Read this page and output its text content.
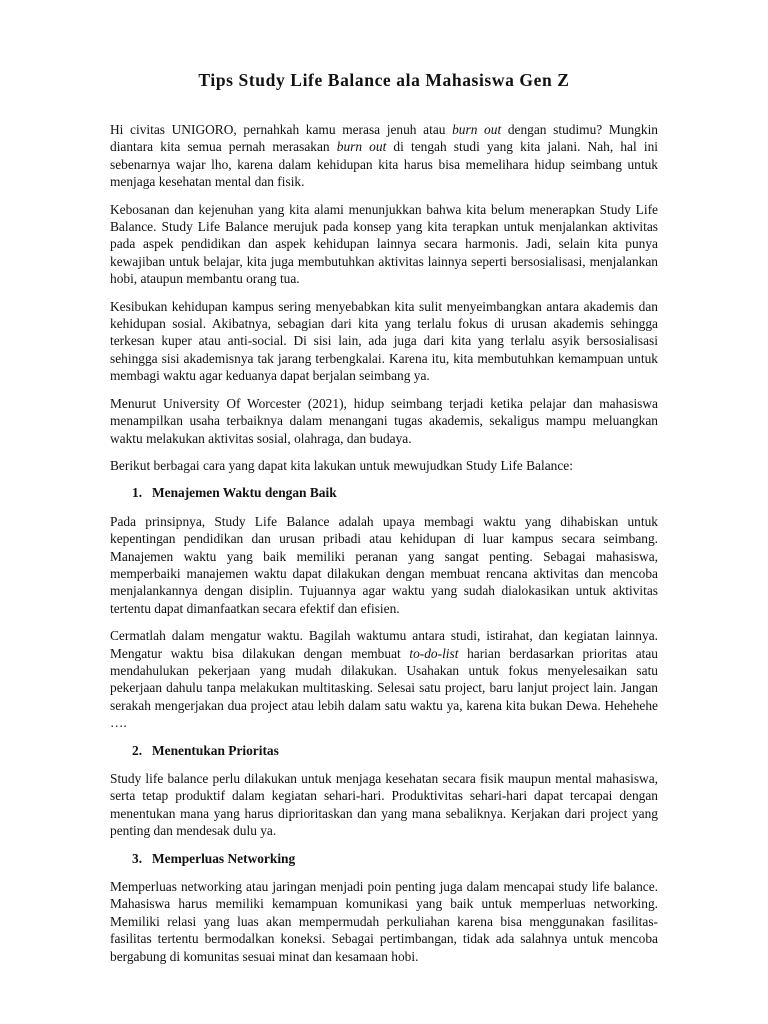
Tips Study Life Balance ala Mahasiswa Gen Z

Hi civitas UNIGORO, pernahkah kamu merasa jenuh atau burn out dengan studimu? Mungkin diantara kita semua pernah merasakan burn out di tengah studi yang kita jalani. Nah, hal ini sebenarnya wajar lho, karena dalam kehidupan kita harus bisa memelihara hidup seimbang untuk menjaga kesehatan mental dan fisik.

Kebosanan dan kejenuhan yang kita alami menunjukkan bahwa kita belum menerapkan Study Life Balance. Study Life Balance merujuk pada konsep yang kita terapkan untuk menjalankan aktivitas pada aspek pendidikan dan aspek kehidupan lainnya secara harmonis. Jadi, selain kita punya kewajiban untuk belajar, kita juga membutuhkan aktivitas lainnya seperti bersosialisasi, menjalankan hobi, ataupun membantu orang tua.

Kesibukan kehidupan kampus sering menyebabkan kita sulit menyeimbangkan antara akademis dan kehidupan sosial. Akibatnya, sebagian dari kita yang terlalu fokus di urusan akademis sehingga terkesan kuper atau anti-social. Di sisi lain, ada juga dari kita yang terlalu asyik bersosialisasi sehingga sisi akademisnya tak jarang terbengkalai. Karena itu, kita membutuhkan kemampuan untuk membagi waktu agar keduanya dapat berjalan seimbang ya.

Menurut University Of Worcester (2021), hidup seimbang terjadi ketika pelajar dan mahasiswa menampilkan usaha terbaiknya dalam menangani tugas akademis, sekaligus mampu meluangkan waktu melakukan aktivitas sosial, olahraga, dan budaya.

Berikut berbagai cara yang dapat kita lakukan untuk mewujudkan Study Life Balance:

1. Menajemen Waktu dengan Baik

Pada prinsipnya, Study Life Balance adalah upaya membagi waktu yang dihabiskan untuk kepentingan pendidikan dan urusan pribadi atau kehidupan di luar kampus secara seimbang. Manajemen waktu yang baik memiliki peranan yang sangat penting. Sebagai mahasiswa, memperbaiki manajemen waktu dapat dilakukan dengan membuat rencana aktivitas dan mencoba menjalankannya dengan disiplin. Tujuannya agar waktu yang sudah dialokasikan untuk aktivitas tertentu dapat dimanfaatkan secara efektif dan efisien.

Cermatlah dalam mengatur waktu. Bagilah waktumu antara studi, istirahat, dan kegiatan lainnya. Mengatur waktu bisa dilakukan dengan membuat to-do-list harian berdasarkan prioritas atau mendahulukan pekerjaan yang mudah dilakukan. Usahakan untuk fokus menyelesaikan satu pekerjaan dahulu tanpa melakukan multitasking. Selesai satu project, baru lanjut project lain. Jangan serakah mengerjakan dua project atau lebih dalam satu waktu ya, karena kita bukan Dewa. Hehehehe ….

2. Menentukan Prioritas

Study life balance perlu dilakukan untuk menjaga kesehatan secara fisik maupun mental mahasiswa, serta tetap produktif dalam kegiatan sehari-hari. Produktivitas sehari-hari dapat tercapai dengan menentukan mana yang harus diprioritaskan dan yang mana sebaliknya. Kerjakan dari project yang penting dan mendesak dulu ya.

3. Memperluas Networking

Memperluas networking atau jaringan menjadi poin penting juga dalam mencapai study life balance. Mahasiswa harus memiliki kemampuan komunikasi yang baik untuk memperluas networking. Memiliki relasi yang luas akan mempermudah perkuliahan karena bisa menggunakan fasilitas-fasilitas tertentu bermodalkan koneksi. Sebagai pertimbangan, tidak ada salahnya untuk mencoba bergabung di komunitas sesuai minat dan kesamaan hobi.
